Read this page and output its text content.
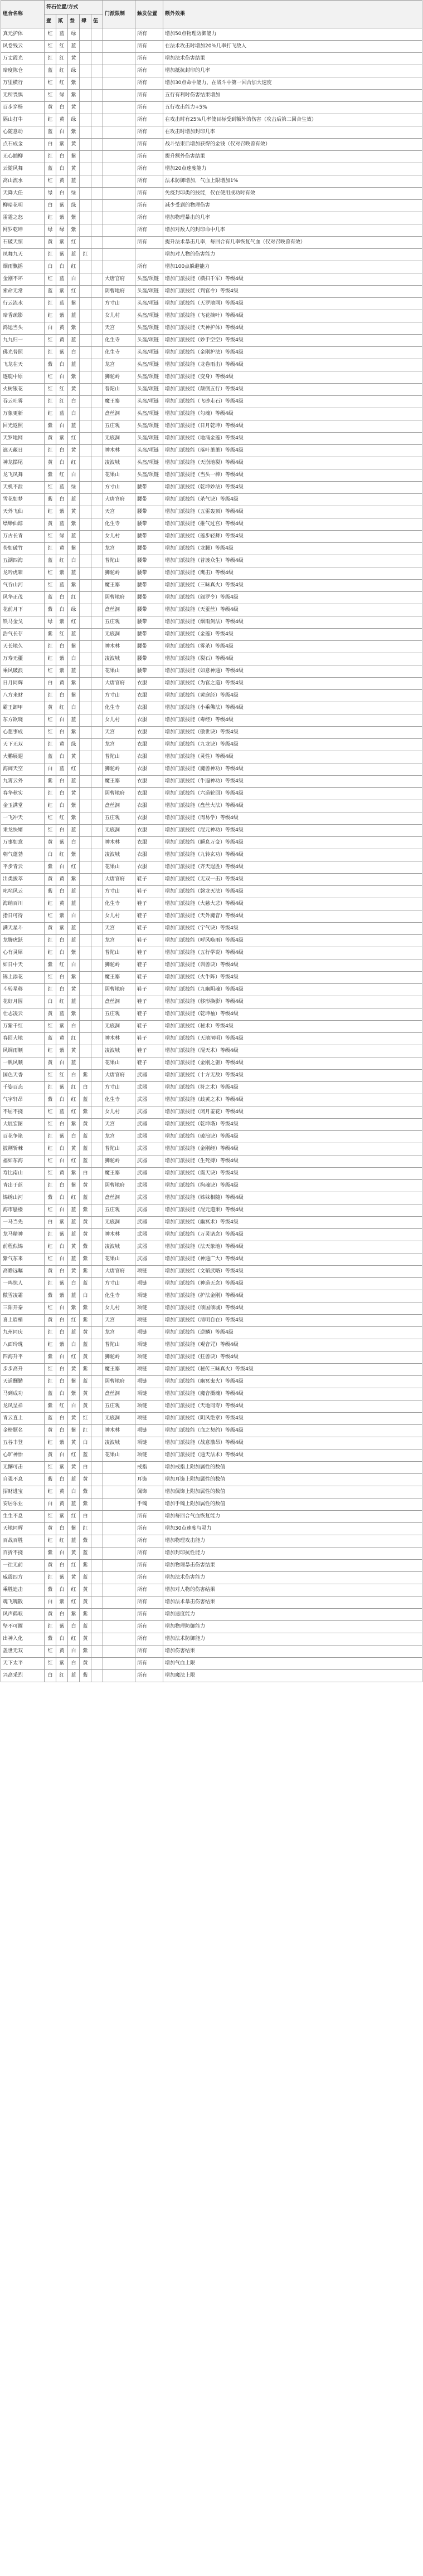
组合名称	符石位置/方式					门派限制	触发位置	额外效果
	壹	贰	叁	肆	伍			
真元护体	红	蓝	绿				所有	增加50点物理防御能力
风卷残云	红	红	蓝				所有	在法术攻击时增加20%几率打飞敌人
万丈霞光	红	红	黄				所有	增加法术伤害结果
暗度陈仓	蓝	红	绿				所有	增加抵抗封印的几率
万里横行	红	红	紫				所有	增加30点命中能力，在战斗中第一回合加大速度
无所畏惧	红	绿	紫				所有	五行有利时伤害结果增加
百步穿杨	黄	白	黄				所有	五行攻击能力+5%
隔山打牛	红	黄	绿				所有	在攻击时有25%几率使目标受到额外的伤害（攻击后第二回合生效）
心随意动	蓝	白	紫				所有	在攻击时增加封印几率
点石成金	白	紫	黄				所有	战斗结束后增加获得的金钱（仅对召唤兽有效）
无心插柳	红	白	紫				所有	提升额外伤害结果
云随风舞	蓝	白	黄				所有	增加20点速度能力
高山流水	红	黄	蓝				所有	法术防御增加，气血上限增加1%
天降大任	绿	白	绿				所有	免疫封印类的技能，仅在使用成功时有效
柳暗花明	白	紫	绿				所有	减少受到的物理伤害
雷霆之怒	红	紫	紫				所有	增加物理暴击的几率
网罗乾坤	绿	绿	紫				所有	增加对敌人的封印命中几率
石破天惊	黄	紫	红				所有	提升法术暴击几率，每回合有几率恢复气血（仅对召唤兽有效）
凤舞九天	红	紫	蓝	红				增加对人物的伤害能力
烟雨飘摇	白	白	红				所有	增加100点躲避能力
金刚不坏	红	蓝	白			大唐官府	头盔/项链	增加门派技能（横扫千军）等级4级
索命无常	蓝	紫	红			阴曹地府	头盔/项链	增加门派技能（判官令）等级4级
行云流水	红	蓝	紫			方寸山	头盔/项链	增加门派技能（天罗地网）等级4级
暗香疏影	红	紫	蓝			女儿村	头盔/项链	增加门派技能（飞花摘叶）等级4级
鸿运当头	白	黄	紫			天宫	头盔/项链	增加门派技能（天神护体）等级4级
九九归一	红	黄	蓝			化生寺	头盔/项链	增加门派技能（妙手空空）等级4级
佛光普照	红	紫	白			化生寺	头盔/项链	增加门派技能（金刚护法）等级4级
飞龙在天	紫	白	蓝			龙宫	头盔/项链	增加门派技能（龙卷雨击）等级4级
逐鹿中原	红	白	紫			狮驼岭	头盔/项链	增加门派技能（变身）等级4级
火树银花	红	红	黄			普陀山	头盔/项链	增加门派技能（颠倒五行）等级4级
吞云吐雾	红	红	白			魔王寨	头盔/项链	增加门派技能（飞砂走石）等级4级
万象更新	红	蓝	白			盘丝洞	头盔/项链	增加门派技能（勾魂）等级4级
回光返照	紫	白	蓝			五庄观	头盔/项链	增加门派技能（日月乾坤）等级4级
天罗地网	黄	紫	红			无底洞	头盔/项链	增加门派技能（地涌金莲）等级4级
遮天蔽日	红	白	黄			神木林	头盔/项链	增加门派技能（落叶萧萧）等级4级
神龙摆尾	黄	白	红			凌波城	头盔/项链	增加门派技能（天崩地裂）等级4级
龙飞凤舞	紫	红	白			花果山	头盔/项链	增加门派技能（当头一棒）等级4级
天机不泄	红	蓝	绿			方寸山	腰带	增加门派技能（乾坤妙法）等级4级
雪花如梦	紫	白	蓝			大唐官府	腰带	增加门派技能（杀气诀）等级4级
天外飞仙	红	紫	黄			天宫	腰带	增加门派技能（五雷轰顶）等级4级
缥缈仙踪	黄	蓝	紫			化生寺	腰带	增加门派技能（推气过宫）等级4级
万古长青	红	绿	蓝			女儿村	腰带	增加门派技能（莲步轻舞）等级4级
势如破竹	红	黄	紫			龙宫	腰带	增加门派技能（龙腾）等级4级
五湖四海	蓝	红	白			普陀山	腰带	增加门派技能（普渡众生）等级4级
龙吟虎啸	红	紫	蓝			狮驼岭	腰带	增加门派技能（鹰击）等级4级
气吞山河	红	蓝	紫			魔王寨	腰带	增加门派技能（三昧真火）等级4级
风华正茂	蓝	白	红			阴曹地府	腰带	增加门派技能（阎罗令）等级4级
花前月下	紫	白	绿			盘丝洞	腰带	增加门派技能（天蚕丝）等级4级
铁马金戈	绿	紫	红			五庄观	腰带	增加门派技能（烟雨剑法）等级4级
浩气长存	紫	红	蓝			无底洞	腰带	增加门派技能（金莲）等级4级
天长地久	红	白	紫			神木林	腰带	增加门派技能（雾杀）等级4级
万寿无疆	红	紫	白			凌波城	腰带	增加门派技能（裂石）等级4级
乘风破浪	红	紫	蓝			花果山	腰带	增加门派技能（如意神通）等级4级
日月同辉	白	黄	紫			大唐官府	衣服	增加门派技能（为官之道）等级4级
八方来财	红	白	紫			方寸山	衣服	增加门派技能（黄庭经）等级4级
霸王卸甲	黄	红	白			化生寺	衣服	增加门派技能（小乘佛法）等级4级
东方欲晓	红	白	蓝			女儿村	衣服	增加门派技能（毒经）等级4级
心想事成	红	白	紫			天宫	衣服	增加门派技能（傲世诀）等级4级
天下无双	红	黄	绿			龙宫	衣服	增加门派技能（九龙诀）等级4级
大鹏展翅	蓝	白	黄			普陀山	衣服	增加门派技能（灵性）等级4级
海阔天空	白	蓝	红			狮驼岭	衣服	增加门派技能（魔兽神功）等级4级
九霄云外	紫	白	蓝			魔王寨	衣服	增加门派技能（牛逼神功）等级4级
春华秋实	红	白	黄			阴曹地府	衣服	增加门派技能（六道轮回）等级4级
金玉满堂	红	白	紫			盘丝洞	衣服	增加门派技能（盘丝大法）等级4级
一飞冲天	红	红	紫			五庄观	衣服	增加门派技能（周易学）等级4级
乘龙快婿	红	白	蓝			无底洞	衣服	增加门派技能（混元神功）等级4级
万事如意	黄	紫	白			神木林	衣服	增加门派技能（瞬息万变）等级4级
朝气蓬勃	白	红	紫			凌波城	衣服	增加门派技能（九转玄功）等级4级
平步青云	紫	白	红			花果山	衣服	增加门派技能（齐天逞胜）等级4级
出类拔萃	黄	黄	紫			大唐官府	鞋子	增加门派技能（无双一击）等级4级
叱咤风云	紫	白	蓝			方寸山	鞋子	增加门派技能（磐龙灭法）等级4级
海纳百川	红	黄	蓝			化生寺	鞋子	增加门派技能（大慈大悲）等级4级
指日可待	红	紫	白			女儿村	鞋子	增加门派技能（天外魔音）等级4级
满天星斗	黄	紫	蓝			天宫	鞋子	增加门派技能（宁气诀）等级4级
龙腾虎跃	红	白	蓝			龙宫	鞋子	增加门派技能（呼风唤雨）等级4级
心有灵犀	红	白	紫			普陀山	鞋子	增加门派技能（五行学说）等级4级
如日中天	紫	红	白			狮驼岭	鞋子	增加门派技能（训兽诀）等级4级
锦上添花	红	白	紫			魔王寨	鞋子	增加门派技能（火牛阵）等级4级
斗转星移	红	白	黄			阴曹地府	鞋子	增加门派技能（九幽阴魂）等级4级
花好月圆	白	红	蓝			盘丝洞	鞋子	增加门派技能（移形换影）等级4级
壮志凌云	黄	蓝	紫			五庄观	鞋子	增加门派技能（乾坤袖）等级4级
万紫千红	红	紫	白			无底洞	鞋子	增加门派技能（秘术）等级4级
春回大地	蓝	黄	红			神木林	鞋子	增加门派技能（天地洞明）等级4级
风调雨顺	红	紫	黄			凌波城	鞋子	增加门派技能（混天术）等级4级
一帆风顺	黄	白	蓝			花果山	鞋子	增加门派技能（金刚之躯）等级4级
国色天香	红	红	白	紫		大唐官府	武器	增加门派技能（十方无敌）等级4级
千姿百态	红	紫	红	白		方寸山	武器	增加门派技能（符之术）等级4级
气宇轩昂	紫	白	红	蓝		化生寺	武器	增加门派技能（歧黄之术）等级4级
不屈不挠	红	蓝	红	紫		女儿村	武器	增加门派技能（闭月羞花）等级4级
大展宏图	红	白	紫	黄		天宫	武器	增加门派技能（乾坤塔）等级4级
百花争艳	红	紫	白	蓝		龙宫	武器	增加门派技能（破浪诀）等级4级
披荆斩棘	红	白	黄	蓝		普陀山	武器	增加门派技能（金刚经）等级4级
福如东海	红	白	红	蓝		狮驼岭	武器	增加门派技能（生死搏）等级4级
寿比南山	红	黄	紫	白		魔王寨	武器	增加门派技能（震天诀）等级4级
青出于蓝	红	白	紫	黄		阴曹地府	武器	增加门派技能（拘魂诀）等级4级
锦绣山河	紫	白	红	蓝		盘丝洞	武器	增加门派技能（姊妹相随）等级4级
海市蜃楼	红	白	蓝	紫		五庄观	武器	增加门派技能（混元道果）等级4级
一马当先	白	紫	蓝	黄		无底洞	武器	增加门派技能（幽冥术）等级4级
龙马精神	红	紫	蓝	黄		神木林	武器	增加门派技能（万灵诸念）等级4级
前程似锦	红	白	黄	紫		凌波城	武器	增加门派技能（法天象地）等级4级
紫气东来	红	白	蓝	紫		花果山	武器	增加门派技能（神通广大）等级4级
高瞻远瞩	黄	白	黄	紫		大唐官府	项链	增加门派技能（文韬武略）等级4级
一鸣惊人	红	紫	白	蓝		方寸山	项链	增加门派技能（神道无念）等级4级
傲雪凌霜	紫	紫	蓝	白		化生寺	项链	增加门派技能（护法金刚）等级4级
三阳开泰	红	白	紫	紫		女儿村	项链	增加门派技能（倾国倾城）等级4级
喜上眉梢	黄	白	红	紫		天宫	项链	增加门派技能（清明自在）等级4级
九州同庆	红	白	蓝	黄		龙宫	项链	增加门派技能（逆鳞）等级4级
八面玲珑	红	紫	白	蓝		普陀山	项链	增加门派技能（观音咒）等级4级
四海升平	紫	白	红	黄		狮驼岭	项链	增加门派技能（狂兽诀）等级4级
步步高升	红	白	黄	紫		魔王寨	项链	增加门派技能（秘传三昧真火）等级4级
天道酬勤	红	白	紫	蓝		阴曹地府	项链	增加门派技能（幽冥鬼火）等级4级
马到成功	蓝	白	紫	黄		盘丝洞	项链	增加门派技能（魔音摄魂）等级4级
龙凤呈祥	紫	红	白	黄		五庄观	项链	增加门派技能（天地同寿）等级4级
青云直上	蓝	白	黄	红		无底洞	项链	增加门派技能（阴风绝章）等级4级
金榜题名	黄	白	紫	红		神木林	项链	增加门派技能（血之契约）等级4级
五谷丰登	红	紫	黄	白		凌波城	项链	增加门派技能（战意激昂）等级4级
心旷神怡	黄	白	红	蓝		花果山	项链	增加门派技能（通天法术）等级4级
无懈可击	红	紫	黄	白			戒指	增加戒指上附加属性的数值
自强不息	紫	白	蓝	黄			耳饰	增加耳饰上附加属性的数值
招财进宝	红	黄	白	紫			佩饰	增加佩饰上附加属性的数值
安居乐业	白	黄	蓝	紫			手镯	增加手镯上附加属性的数值
生生不息	红	紫	红	白			所有	增加每回合气血恢复能力
天地同辉	黄	白	紫	红			所有	增加30点速度与灵力
百战百胜	红	红	蓝	紫			所有	增加物理攻击能力
百折不挠	紫	白	黄	蓝			所有	增加封印抗性能力
一往无前	黄	白	红	紫			所有	增加物理暴击伤害结果
威震四方	红	紫	黄	蓝			所有	增加法术伤害能力
乘胜追击	紫	白	红	黄			所有	增加对人物的伤害结果
魂飞魄散	白	紫	红	黄			所有	增加法术暴击伤害结果
风声鹤唳	黄	白	紫	紫			所有	增加速度能力
坚不可摧	红	紫	白	蓝			所有	增加物理防御能力
出神入化	紫	白	红	黄			所有	增加法术防御能力
盖世无双	红	黄	白	紫			所有	增加伤害结果
天下太平	红	紫	白	黄			所有	增加气血上限
兴高采烈	白	红	蓝	紫			所有	增加魔法上限
